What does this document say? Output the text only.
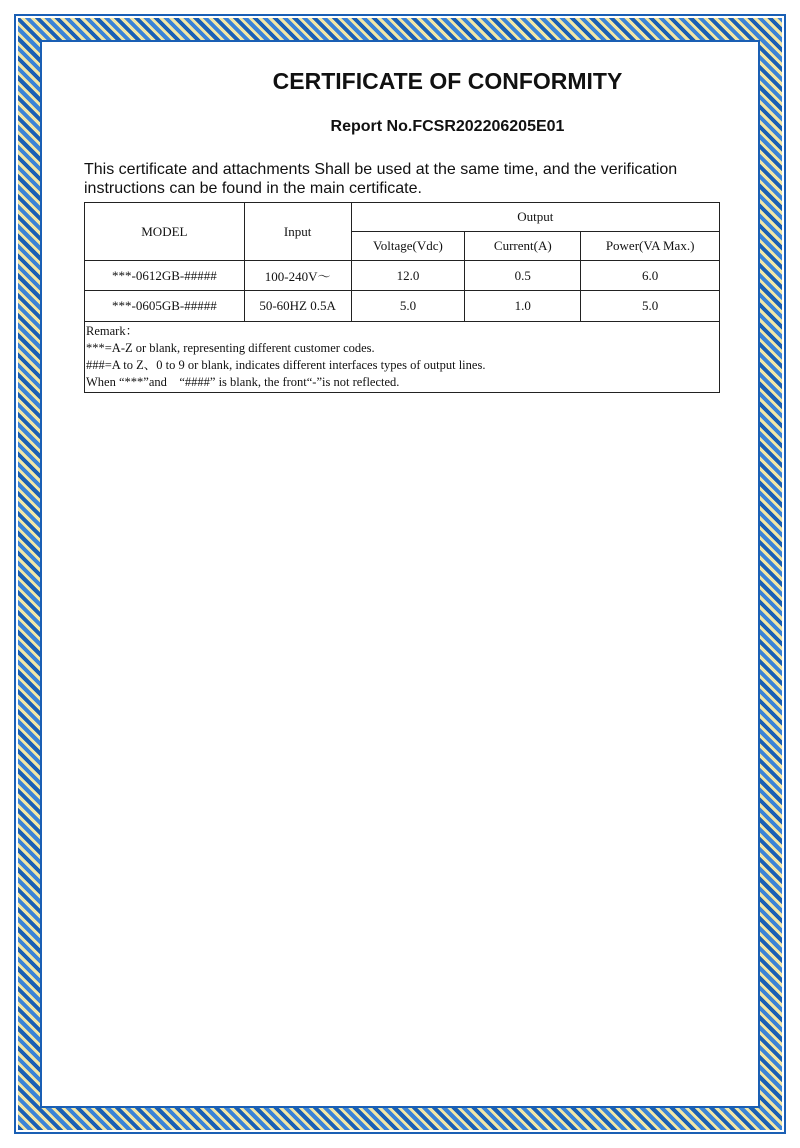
CERTIFICATE OF CONFORMITY
Report No.FCSR202206205E01
This certificate and attachments Shall be used at the same time, and the verification
instructions can be found in the main certificate.
MODEL	Input	Output		
		Voltage(Vdc)	Current(A)	Power(VA Max.)
***-0612GB-#####	100-240V～	12.0	0.5	6.0
***-0605GB-#####	50-60HZ 0.5A	5.0	1.0	5.0

Remark：
***=A-Z or blank, representing different customer codes.
###=A to Z、0 to 9 or blank, indicates different interfaces types of output lines.
When “***”and　“####” is blank, the front“-”is not reflected.				
